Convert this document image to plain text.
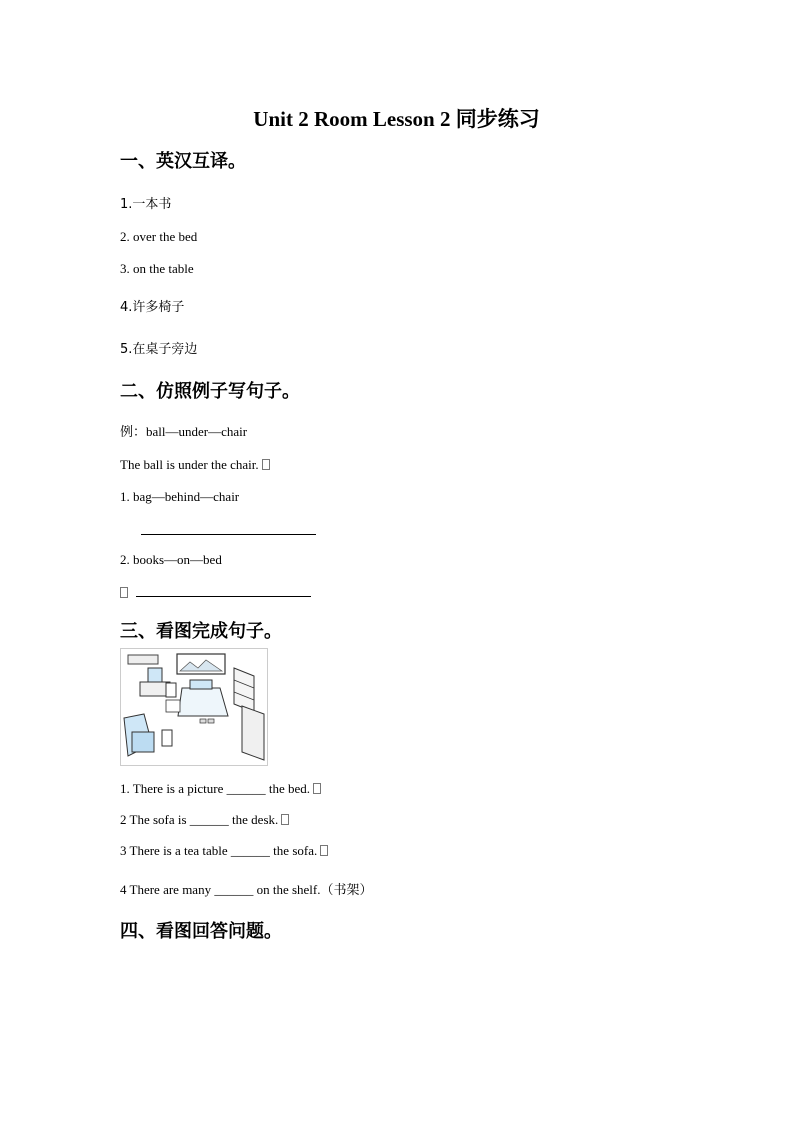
Unit 2 Room Lesson 2 同步练习
一、英汉互译。
1.一本书
2. over the bed
3. on the table
4.许多椅子
5.在桌子旁边
二、仿照例子写句子。
例：ball—under—chair
The ball is under the chair.
1. bag—behind—chair
2. books—on—bed

三、看图完成句子。
1. There is a picture ______ the bed.
2 The sofa is ______ the desk.
3 There is a tea table ______ the sofa.
4 There are many ______ on the shelf.（书架）
四、看图回答问题。
